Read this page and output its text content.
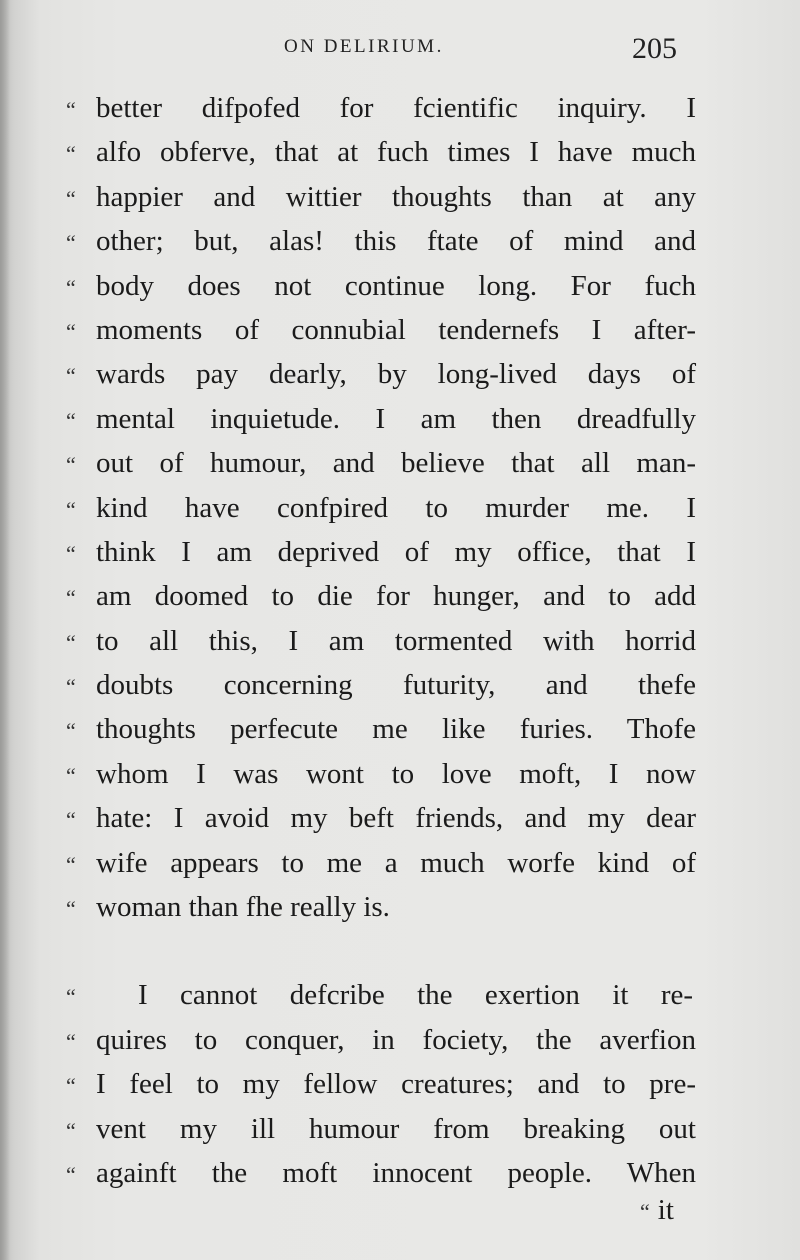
ON DELIRIUM.	205
“ better difpofed for fcientific inquiry. I
“ alfo obferve, that at fuch times I have much
“ happier and wittier thoughts than at any
“ other; but, alas! this ftate of mind and
“ body does not continue long. For fuch
“ moments of connubial tendernefs I after-
“ wards pay dearly, by long-lived days of
“ mental inquietude. I am then dreadfully
“ out of humour, and believe that all man-
“ kind have confpired to murder me. I
“ think I am deprived of my office, that I
“ am doomed to die for hunger, and to add
“ to all this, I am tormented with horrid
“ doubts concerning futurity, and thefe
“ thoughts perfecute me like furies. Thofe
“ whom I was wont to love moft, I now
“ hate: I avoid my beft friends, and my dear
“ wife appears to me a much worfe kind of
“ woman than fhe really is.
“ I cannot defcribe the exertion it re-
“ quires to conquer, in fociety, the averfion
“ I feel to my fellow creatures; and to pre-
“ vent my ill humour from breaking out
“ againft the moft innocent people. When
“ it
